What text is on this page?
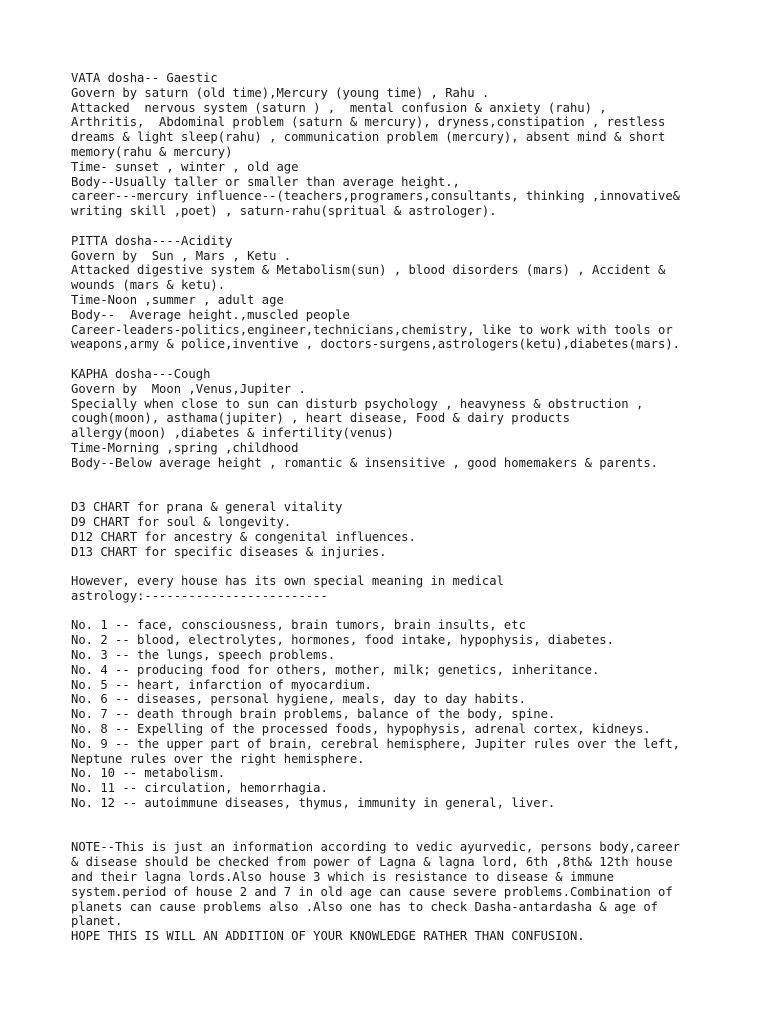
VATA dosha-- Gaestic
Govern by saturn (old time),Mercury (young time) , Rahu .
Attacked  nervous system (saturn ) ,  mental confusion & anxiety (rahu) ,
Arthritis,  Abdominal problem (saturn & mercury), dryness,constipation , restless
dreams & light sleep(rahu) , communication problem (mercury), absent mind & short
memory(rahu & mercury)
Time- sunset , winter , old age
Body--Usually taller or smaller than average height.,
career---mercury influence--(teachers,programers,consultants, thinking ,innovative&
writing skill ,poet) , saturn-rahu(spritual & astrologer).
PITTA dosha----Acidity
Govern by  Sun , Mars , Ketu .
Attacked digestive system & Metabolism(sun) , blood disorders (mars) , Accident &
wounds (mars & ketu).
Time-Noon ,summer , adult age
Body--  Average height.,muscled people
Career-leaders-politics,engineer,technicians,chemistry, like to work with tools or
weapons,army & police,inventive , doctors-surgens,astrologers(ketu),diabetes(mars).
KAPHA dosha---Cough
Govern by  Moon ,Venus,Jupiter .
Specially when close to sun can disturb psychology , heavyness & obstruction ,
cough(moon), asthama(jupiter) , heart disease, Food & dairy products
allergy(moon) ,diabetes & infertility(venus)
Time-Morning ,spring ,childhood
Body--Below average height , romantic & insensitive , good homemakers & parents.
D3 CHART for prana & general vitality
D9 CHART for soul & longevity.
D12 CHART for ancestry & congenital influences.
D13 CHART for specific diseases & injuries.
However, every house has its own special meaning in medical
astrology:-------------------------
No. 1 -- face, consciousness, brain tumors, brain insults, etc
No. 2 -- blood, electrolytes, hormones, food intake, hypophysis, diabetes.
No. 3 -- the lungs, speech problems.
No. 4 -- producing food for others, mother, milk; genetics, inheritance.
No. 5 -- heart, infarction of myocardium.
No. 6 -- diseases, personal hygiene, meals, day to day habits.
No. 7 -- death through brain problems, balance of the body, spine.
No. 8 -- Expelling of the processed foods, hypophysis, adrenal cortex, kidneys.
No. 9 -- the upper part of brain, cerebral hemisphere, Jupiter rules over the left,
Neptune rules over the right hemisphere.
No. 10 -- metabolism.
No. 11 -- circulation, hemorrhagia.
No. 12 -- autoimmune diseases, thymus, immunity in general, liver.
NOTE--This is just an information according to vedic ayurvedic, persons body,career
& disease should be checked from power of Lagna & lagna lord, 6th ,8th& 12th house
and their lagna lords.Also house 3 which is resistance to disease & immune
system.period of house 2 and 7 in old age can cause severe problems.Combination of
planets can cause problems also .Also one has to check Dasha-antardasha & age of
planet.
HOPE THIS IS WILL AN ADDITION OF YOUR KNOWLEDGE RATHER THAN CONFUSION.
